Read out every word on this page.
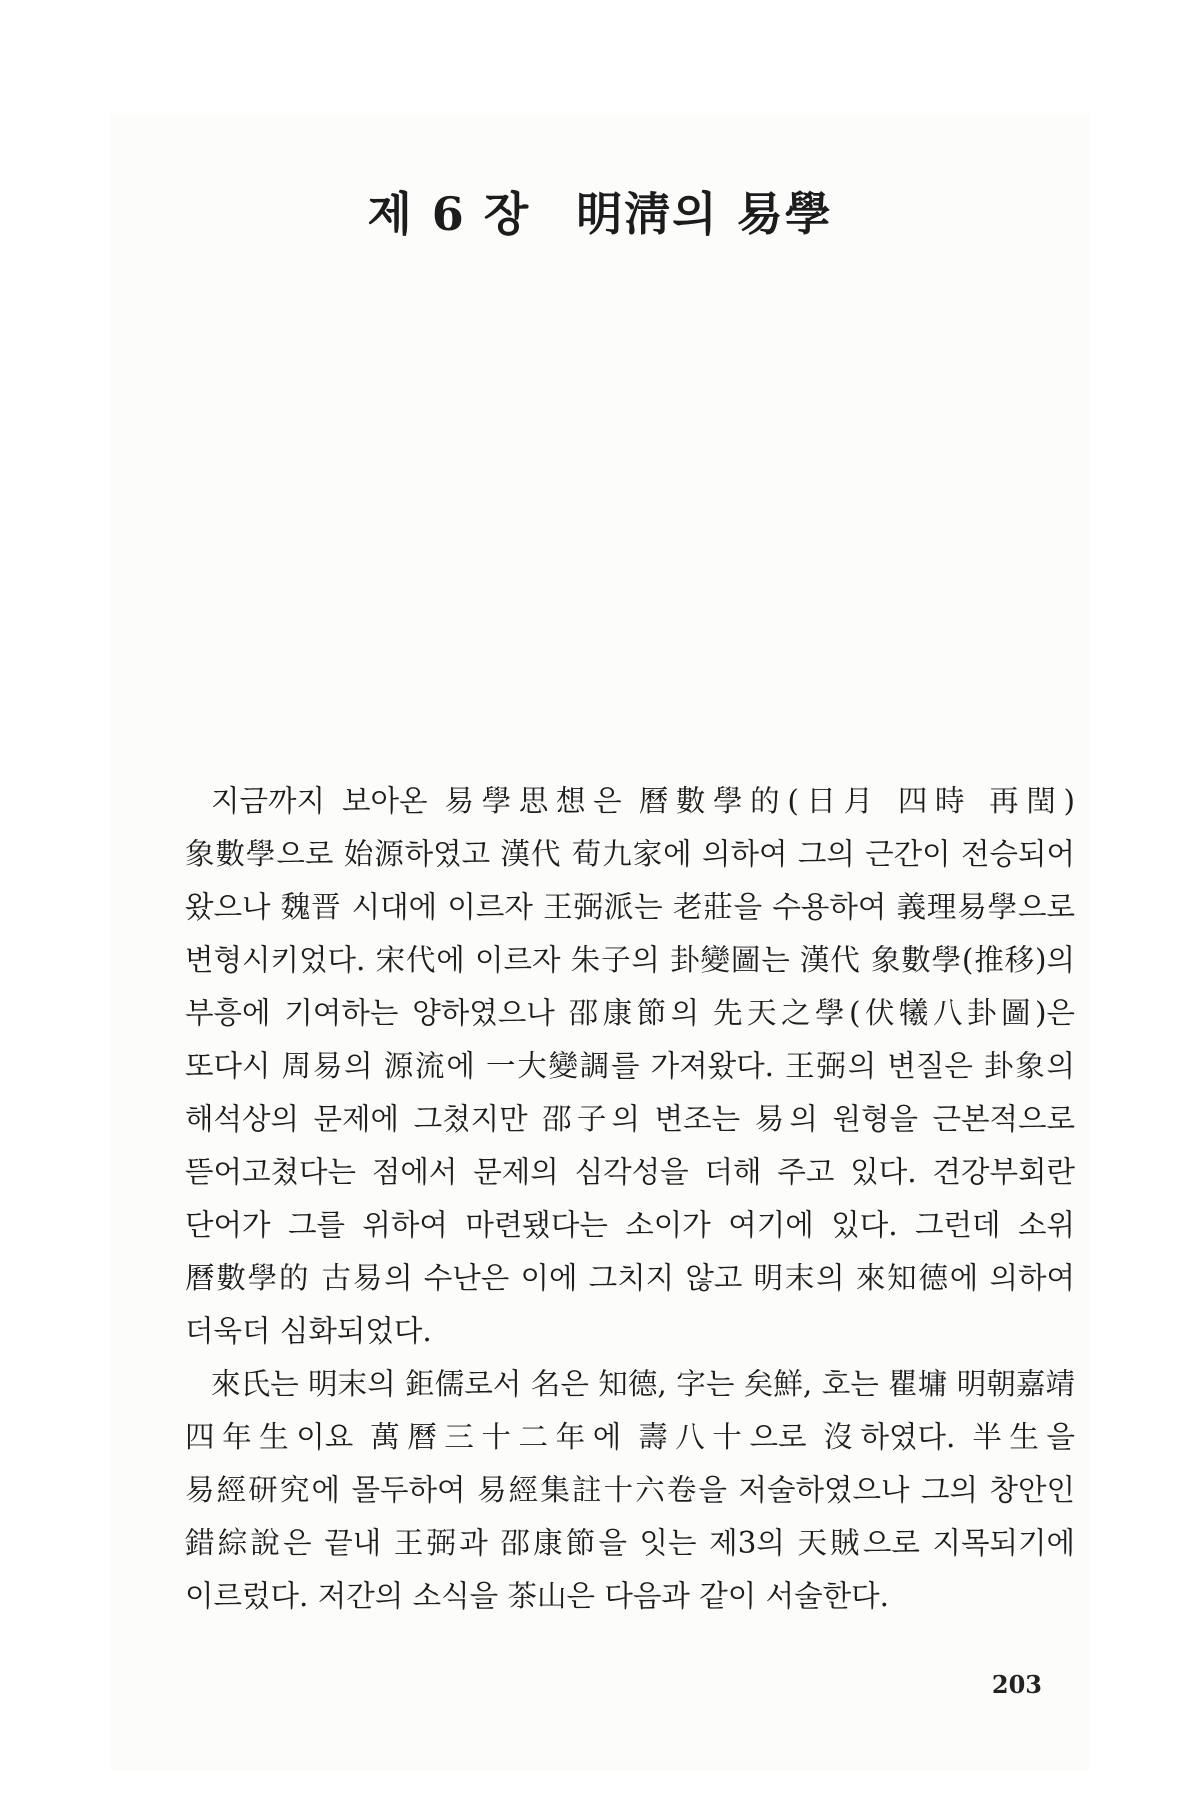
제 6 장 明淸의 易學

지금까지 보아온 易學思想은 曆數學的(日月 四時 再閏) 象數學으로 始源하였고 漢代 荀九家에 의하여 그의 근간이 전승되어 왔으나 魏晋 시대에 이르자 王弼派는 老莊을 수용하여 義理易學으로 변형시키었다. 宋代에 이르자 朱子의 卦變圖는 漢代 象數學(推移)의 부흥에 기여하는 양하였으나 邵康節의 先天之學(伏犧八卦圖)은 또다시 周易의 源流에 一大變調를 가져왔다. 王弼의 변질은 卦象의 해석상의 문제에 그쳤지만 邵子의 변조는 易의 원형을 근본적으로 뜯어고쳤다는 점에서 문제의 심각성을 더해 주고 있다. 견강부회란 단어가 그를 위하여 마련됐다는 소이가 여기에 있다. 그런데 소위 曆數學的 古易의 수난은 이에 그치지 않고 明末의 來知德에 의하여 더욱더 심화되었다.

來氏는 明末의 鉅儒로서 名은 知德, 字는 矣鮮, 호는 瞿墉 明朝嘉靖 四年生이요 萬曆三十二年에 壽八十으로 沒하였다. 半生을 易經研究에 몰두하여 易經集註十六卷을 저술하였으나 그의 창안인 錯綜說은 끝내 王弼과 邵康節을 잇는 제3의 天賊으로 지목되기에 이르렀다. 저간의 소식을 茶山은 다음과 같이 서술한다.

203
